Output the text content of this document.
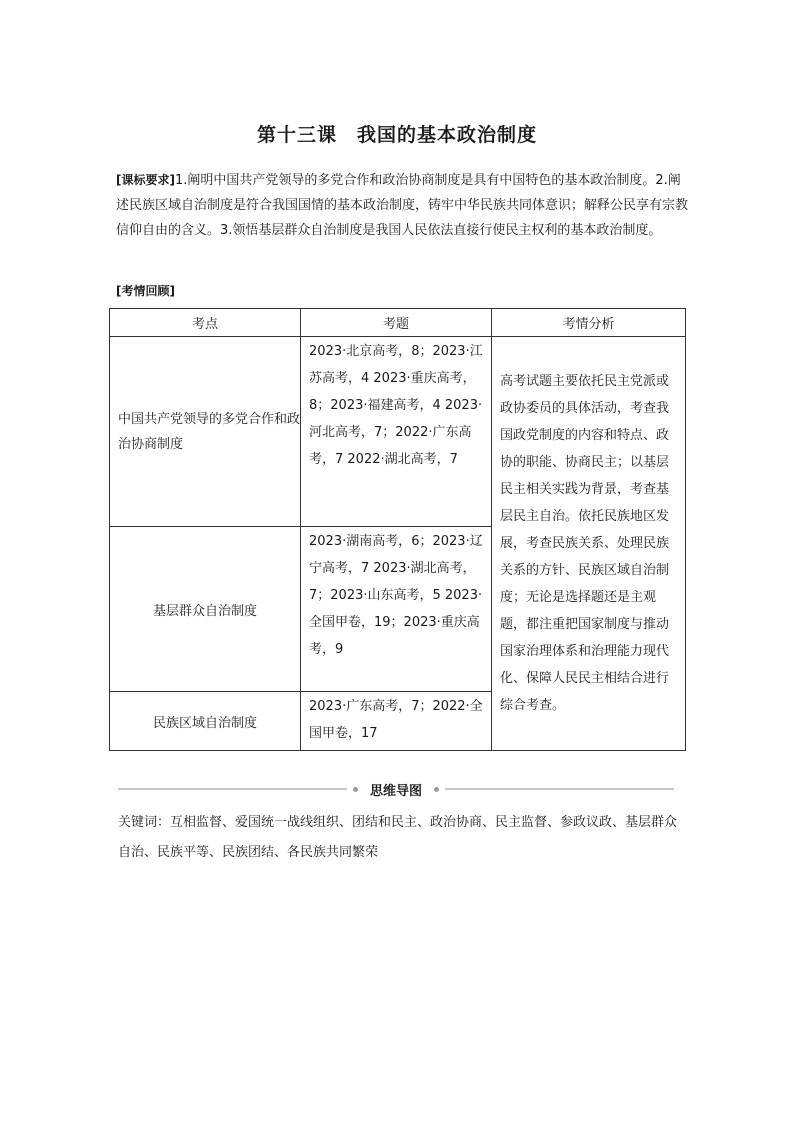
第十三课　我国的基本政治制度
[课标要求]1.阐明中国共产党领导的多党合作和政治协商制度是具有中国特色的基本政治制度。2.阐述民族区域自治制度是符合我国国情的基本政治制度，铸牢中华民族共同体意识；解释公民享有宗教信仰自由的含义。3.领悟基层群众自治制度是我国人民依法直接行使民主权利的基本政治制度。
[考情回顾]
考点	考题	考情分析
中国共产党领导的多党合作和政治协商制度	2023·北京高考，8；2023·江苏高考，4 2023·重庆高考，8；2023·福建高考，4 2023·河北高考，7；2022·广东高考，7 2022·湖北高考，7	高考试题主要依托民主党派或政协委员的具体活动，考查我国政党制度的内容和特点、政协的职能、协商民主；以基层民主相关实践为背景，考查基层民主自治。依托民族地区发展，考查民族关系、处理民族关系的方针、民族区域自治制度；无论是选择题还是主观题，都注重把国家制度与推动国家治理体系和治理能力现代化、保障人民民主相结合进行综合考查。
基层群众自治制度	2023·湖南高考，6；2023·辽宁高考，7 2023·湖北高考，7；2023·山东高考，5 2023·全国甲卷，19；2023·重庆高考，9	
民族区域自治制度	2023·广东高考，7；2022·全国甲卷，17	
思维导图
关键词：互相监督、爱国统一战线组织、团结和民主、政治协商、民主监督、参政议政、基层群众自治、民族平等、民族团结、各民族共同繁荣
